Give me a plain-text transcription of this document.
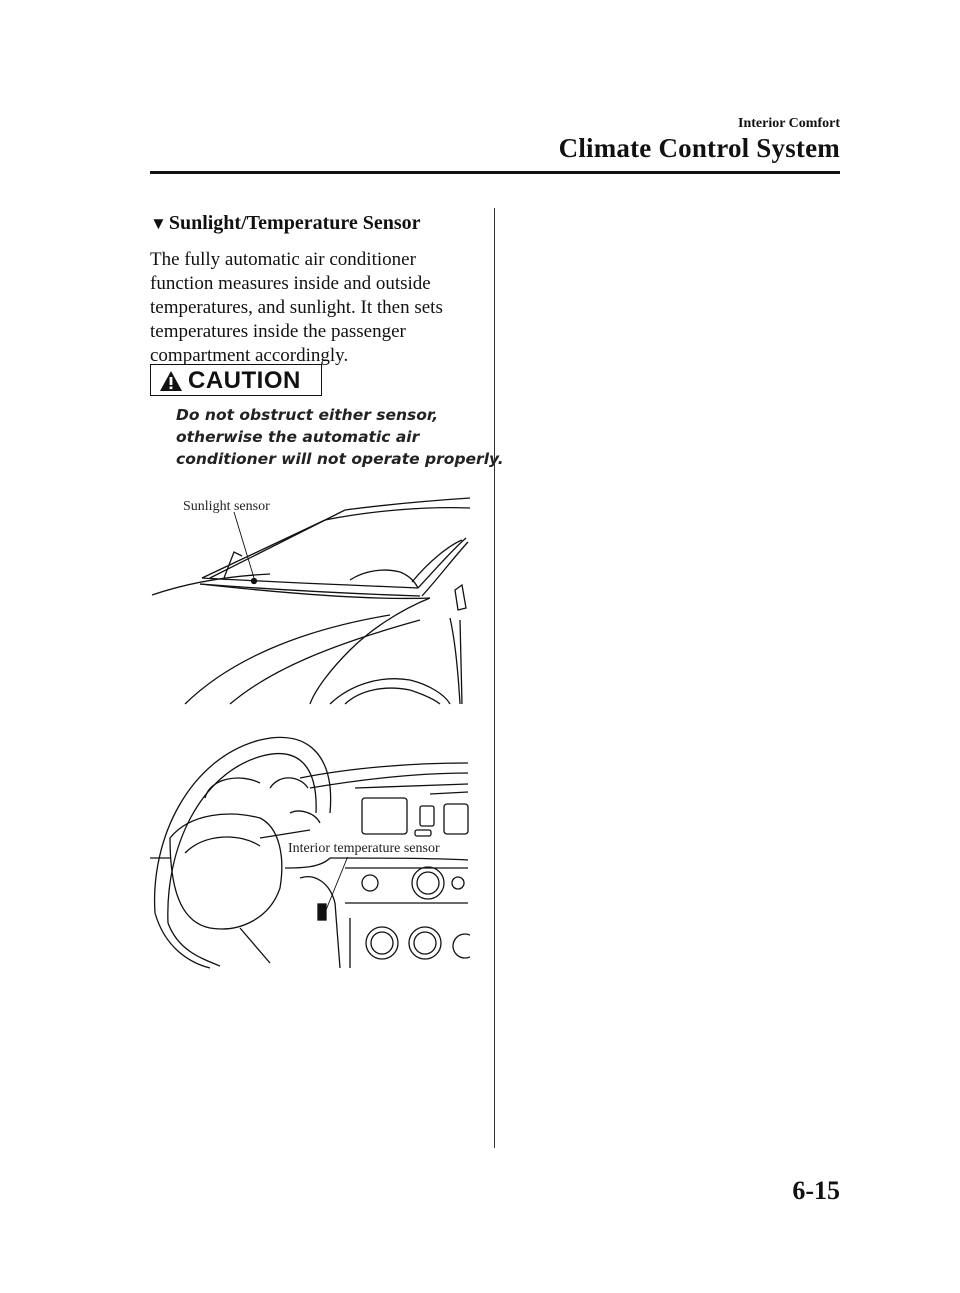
Interior Comfort
Climate Control System
▼ Sunlight/Temperature Sensor
The fully automatic air conditioner
function measures inside and outside
temperatures, and sunlight. It then sets
temperatures inside the passenger
compartment accordingly.
CAUTION
Do not obstruct either sensor,
otherwise the automatic air
conditioner will not operate properly.
Sunlight sensor
Interior temperature sensor
6-15
